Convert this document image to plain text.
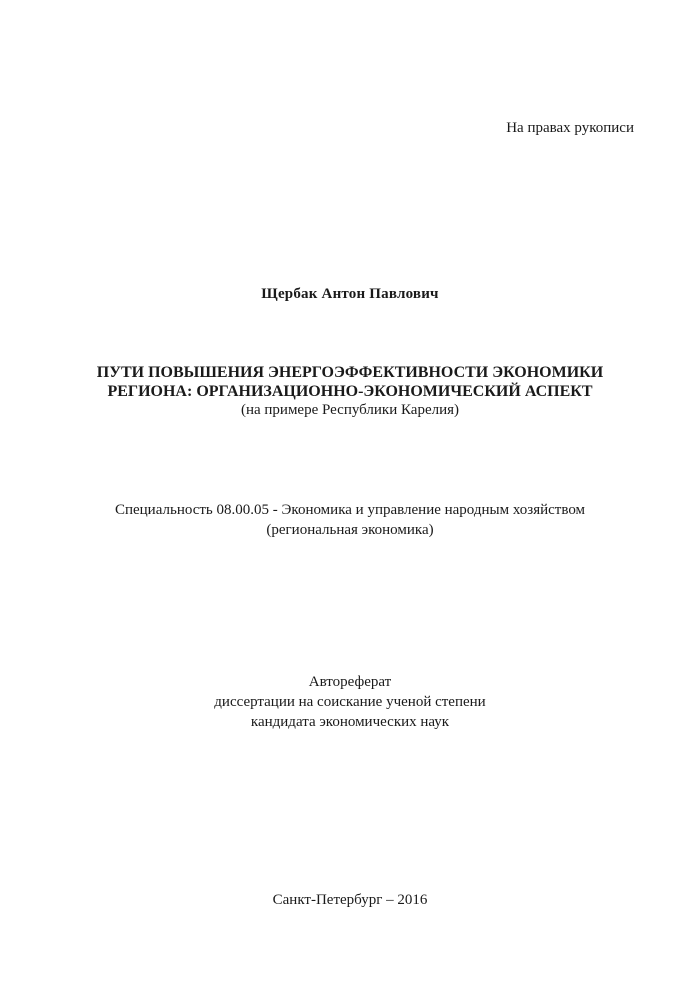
На правах рукописи
Щербак Антон Павлович
ПУТИ ПОВЫШЕНИЯ ЭНЕРГОЭФФЕКТИВНОСТИ ЭКОНОМИКИ
РЕГИОНА: ОРГАНИЗАЦИОННО-ЭКОНОМИЧЕСКИЙ АСПЕКТ
(на примере Республики Карелия)
Специальность 08.00.05 - Экономика и управление народным хозяйством
(региональная экономика)
Автореферат
диссертации на соискание ученой степени
кандидата экономических наук
Санкт-Петербург – 2016
